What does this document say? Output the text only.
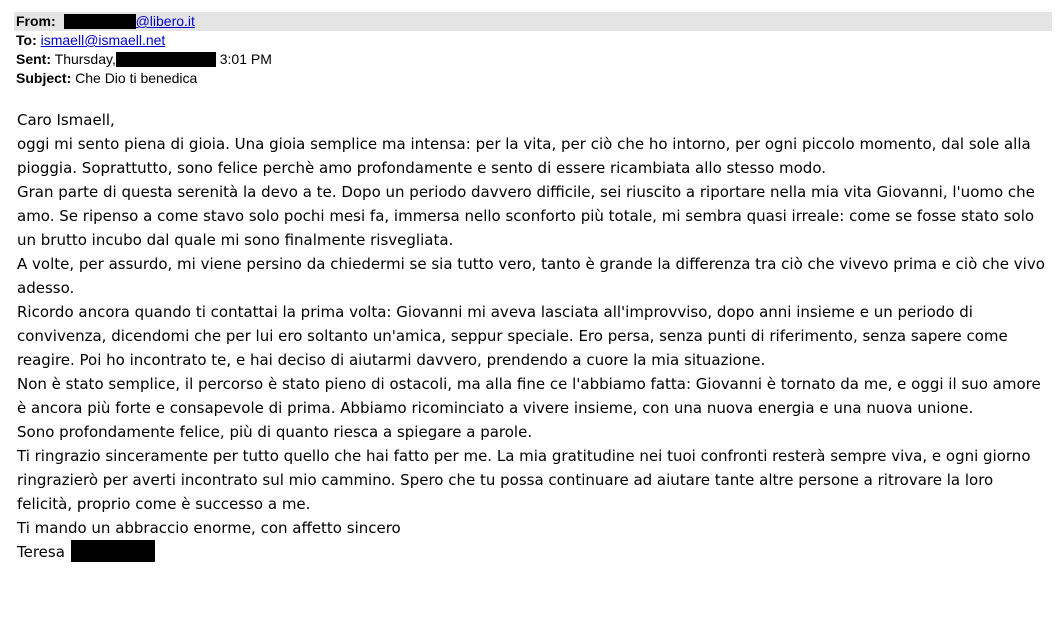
From:	@libero.it
To: ismaell@ismaell.net
Sent: Thursday,	3:01 PM
Subject: Che Dio ti benedica

Caro Ismaell,

oggi mi sento piena di gioia. Una gioia semplice ma intensa: per la vita, per ciò che ho intorno, per ogni piccolo momento, dal sole alla pioggia. Soprattutto, sono felice perchè amo profondamente e sento di essere ricambiata allo stesso modo.

Gran parte di questa serenità la devo a te. Dopo un periodo davvero difficile, sei riuscito a riportare nella mia vita Giovanni, l'uomo che amo. Se ripenso a come stavo solo pochi mesi fa, immersa nello sconforto più totale, mi sembra quasi irreale: come se fosse stato solo un brutto incubo dal quale mi sono finalmente risvegliata.

A volte, per assurdo, mi viene persino da chiedermi se sia tutto vero, tanto è grande la differenza tra ciò che vivevo prima e ciò che vivo adesso.

Ricordo ancora quando ti contattai la prima volta: Giovanni mi aveva lasciata all'improvviso, dopo anni insieme e un periodo di convivenza, dicendomi che per lui ero soltanto un'amica, seppur speciale. Ero persa, senza punti di riferimento, senza sapere come reagire. Poi ho incontrato te, e hai deciso di aiutarmi davvero, prendendo a cuore la mia situazione.

Non è stato semplice, il percorso è stato pieno di ostacoli, ma alla fine ce l'abbiamo fatta: Giovanni è tornato da me, e oggi il suo amore è ancora più forte e consapevole di prima. Abbiamo ricominciato a vivere insieme, con una nuova energia e una nuova unione.

Sono profondamente felice, più di quanto riesca a spiegare a parole.

Ti ringrazio sinceramente per tutto quello che hai fatto per me. La mia gratitudine nei tuoi confronti resterà sempre viva, e ogni giorno ringrazierò per averti incontrato sul mio cammino. Spero che tu possa continuare ad aiutare tante altre persone a ritrovare la loro felicità, proprio come è successo a me.

Ti mando un abbraccio enorme, con affetto sincero

Teresa
